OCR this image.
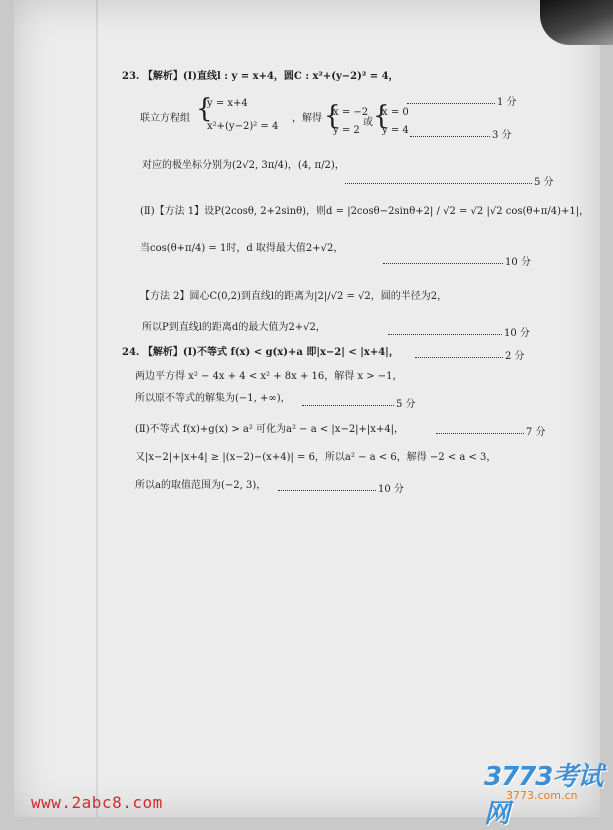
23. 【解析】(Ⅰ)直线l : y = x+4，圆C : x²+(y−2)² = 4，
1 分
联立方程组 {
y = x+4
x²+(y−2)² = 4
，解得 {
x = −2
y = 2
或 {
x = 0
y = 4	3 分
对应的极坐标分别为(2√2, 3π/4)，(4, π/2)，
5 分
(Ⅱ)【方法 1】设P(2cosθ, 2+2sinθ)，则d = |2cosθ−2sinθ+2| / √2 = √2 |√2 cos(θ+π/4)+1|，
当cos(θ+π/4) = 1时，d 取得最大值2+√2，
10 分
【方法 2】圆心C(0,2)到直线l的距离为|2|/√2 = √2，圆的半径为2，
所以P到直线l的距离d的最大值为2+√2，
10 分
24. 【解析】(Ⅰ)不等式 f(x) < g(x)+a 即|x−2| < |x+4|，	2 分
两边平方得 x² − 4x + 4 < x² + 8x + 16，解得 x > −1，
所以原不等式的解集为(−1, +∞)，
5 分
(Ⅱ)不等式 f(x)+g(x) > a² 可化为a² − a < |x−2|+|x+4|，	7 分
又|x−2|+|x+4| ≥ |(x−2)−(x+4)| = 6，所以a² − a < 6，解得 −2 < a < 3，
所以a的取值范围为(−2, 3)，	10 分
www.2abc8.com
3773考试网
3773.com.cn
